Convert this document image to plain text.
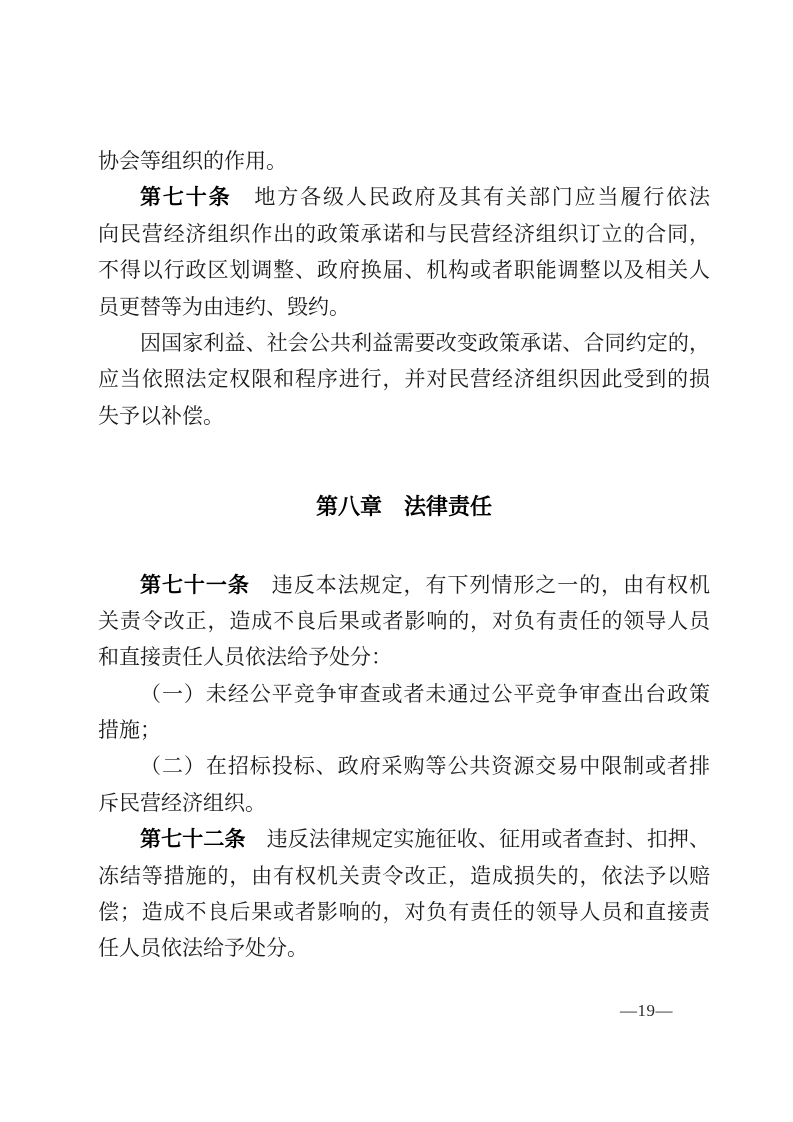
协会等组织的作用。
第七十条　地方各级人民政府及其有关部门应当履行依法
向民营经济组织作出的政策承诺和与民营经济组织订立的合同，
不得以行政区划调整、政府换届、机构或者职能调整以及相关人
员更替等为由违约、毁约。
因国家利益、社会公共利益需要改变政策承诺、合同约定的，
应当依照法定权限和程序进行，并对民营经济组织因此受到的损
失予以补偿。
第八章　法律责任
第七十一条　违反本法规定，有下列情形之一的，由有权机
关责令改正，造成不良后果或者影响的，对负有责任的领导人员
和直接责任人员依法给予处分：
（一）未经公平竞争审查或者未通过公平竞争审查出台政策
措施；
（二）在招标投标、政府采购等公共资源交易中限制或者排
斥民营经济组织。
第七十二条　违反法律规定实施征收、征用或者查封、扣押、
冻结等措施的，由有权机关责令改正，造成损失的，依法予以赔
偿；造成不良后果或者影响的，对负有责任的领导人员和直接责
任人员依法给予处分。
—19—
